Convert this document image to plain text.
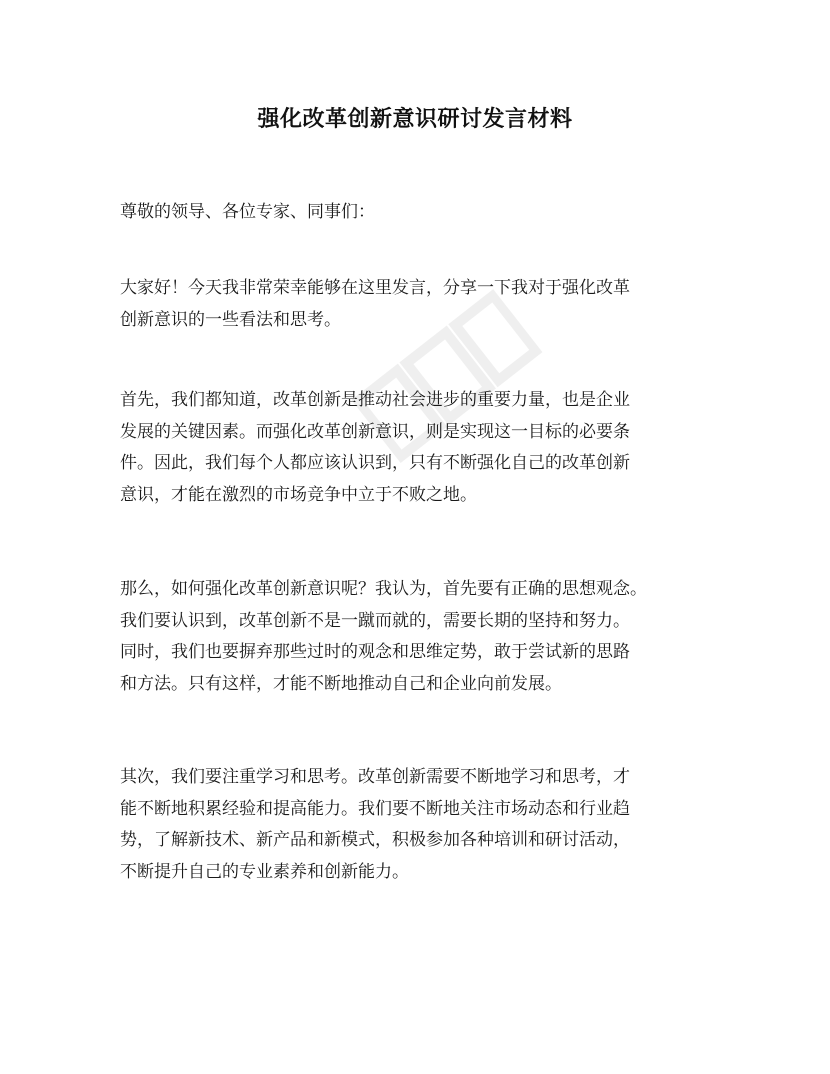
强化改革创新意识研讨发言材料

尊敬的领导、各位专家、同事们：

大家好！今天我非常荣幸能够在这里发言，分享一下我对于强化改革
创新意识的一些看法和思考。

首先，我们都知道，改革创新是推动社会进步的重要力量，也是企业
发展的关键因素。而强化改革创新意识，则是实现这一目标的必要条
件。因此，我们每个人都应该认识到，只有不断强化自己的改革创新
意识，才能在激烈的市场竞争中立于不败之地。

那么，如何强化改革创新意识呢？我认为，首先要有正确的思想观念。
我们要认识到，改革创新不是一蹴而就的，需要长期的坚持和努力。
同时，我们也要摒弃那些过时的观念和思维定势，敢于尝试新的思路
和方法。只有这样，才能不断地推动自己和企业向前发展。

其次，我们要注重学习和思考。改革创新需要不断地学习和思考，才
能不断地积累经验和提高能力。我们要不断地关注市场动态和行业趋
势，了解新技术、新产品和新模式，积极参加各种培训和研讨活动，
不断提升自己的专业素养和创新能力。
